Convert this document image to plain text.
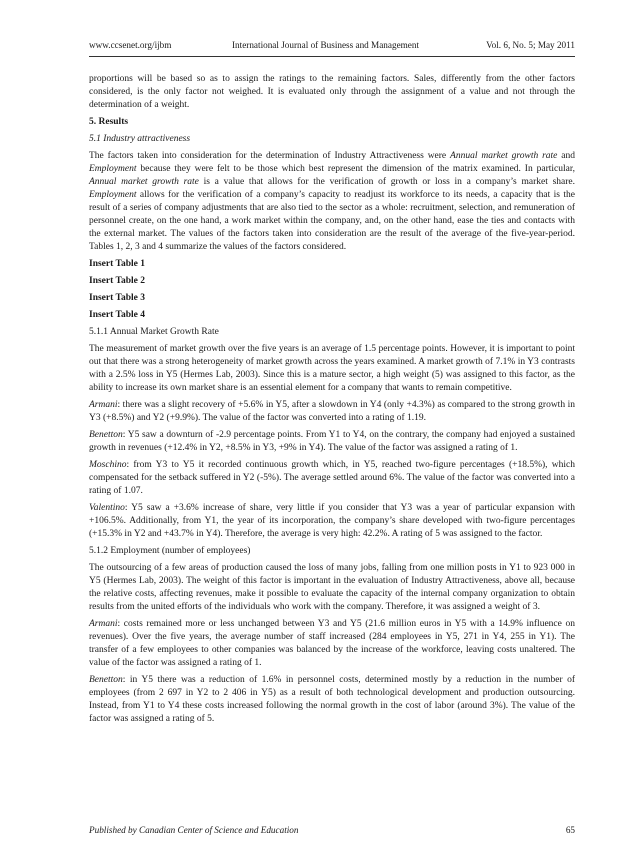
www.ccsenet.org/ijbm	International Journal of Business and Management	Vol. 6, No. 5; May 2011

proportions will be based so as to assign the ratings to the remaining factors. Sales, differently from the other factors considered, is the only factor not weighed. It is evaluated only through the assignment of a value and not through the determination of a weight.

5. Results
5.1 Industry attractiveness

The factors taken into consideration for the determination of Industry Attractiveness were Annual market growth rate and Employment because they were felt to be those which best represent the dimension of the matrix examined. In particular, Annual market growth rate is a value that allows for the verification of growth or loss in a company’s market share. Employment allows for the verification of a company’s capacity to readjust its workforce to its needs, a capacity that is the result of a series of company adjustments that are also tied to the sector as a whole: recruitment, selection, and remuneration of personnel create, on the one hand, a work market within the company, and, on the other hand, ease the ties and contacts with the external market. The values of the factors taken into consideration are the result of the average of the five-year-period. Tables 1, 2, 3 and 4 summarize the values of the factors considered.

Insert Table 1
Insert Table 2
Insert Table 3
Insert Table 4
5.1.1 Annual Market Growth Rate

The measurement of market growth over the five years is an average of 1.5 percentage points. However, it is important to point out that there was a strong heterogeneity of market growth across the years examined. A market growth of 7.1% in Y3 contrasts with a 2.5% loss in Y5 (Hermes Lab, 2003). Since this is a mature sector, a high weight (5) was assigned to this factor, as the ability to increase its own market share is an essential element for a company that wants to remain competitive.

Armani: there was a slight recovery of +5.6% in Y5, after a slowdown in Y4 (only +4.3%) as compared to the strong growth in Y3 (+8.5%) and Y2 (+9.9%). The value of the factor was converted into a rating of 1.19.

Benetton: Y5 saw a downturn of -2.9 percentage points. From Y1 to Y4, on the contrary, the company had enjoyed a sustained growth in revenues (+12.4% in Y2, +8.5% in Y3, +9% in Y4). The value of the factor was assigned a rating of 1.

Moschino: from Y3 to Y5 it recorded continuous growth which, in Y5, reached two-figure percentages (+18.5%), which compensated for the setback suffered in Y2 (-5%). The average settled around 6%. The value of the factor was converted into a rating of 1.07.

Valentino: Y5 saw a +3.6% increase of share, very little if you consider that Y3 was a year of particular expansion with +106.5%. Additionally, from Y1, the year of its incorporation, the company’s share developed with two-figure percentages (+15.3% in Y2 and +43.7% in Y4). Therefore, the average is very high: 42.2%. A rating of 5 was assigned to the factor.

5.1.2 Employment (number of employees)

The outsourcing of a few areas of production caused the loss of many jobs, falling from one million posts in Y1 to 923 000 in Y5 (Hermes Lab, 2003). The weight of this factor is important in the evaluation of Industry Attractiveness, above all, because the relative costs, affecting revenues, make it possible to evaluate the capacity of the internal company organization to obtain results from the united efforts of the individuals who work with the company. Therefore, it was assigned a weight of 3.

Armani: costs remained more or less unchanged between Y3 and Y5 (21.6 million euros in Y5 with a 14.9% influence on revenues). Over the five years, the average number of staff increased (284 employees in Y5, 271 in Y4, 255 in Y1). The transfer of a few employees to other companies was balanced by the increase of the workforce, leaving costs unaltered. The value of the factor was assigned a rating of 1.

Benetton: in Y5 there was a reduction of 1.6% in personnel costs, determined mostly by a reduction in the number of employees (from 2 697 in Y2 to 2 406 in Y5) as a result of both technological development and production outsourcing. Instead, from Y1 to Y4 these costs increased following the normal growth in the cost of labor (around 3%). The value of the factor was assigned a rating of 5.

Published by Canadian Center of Science and Education	65
